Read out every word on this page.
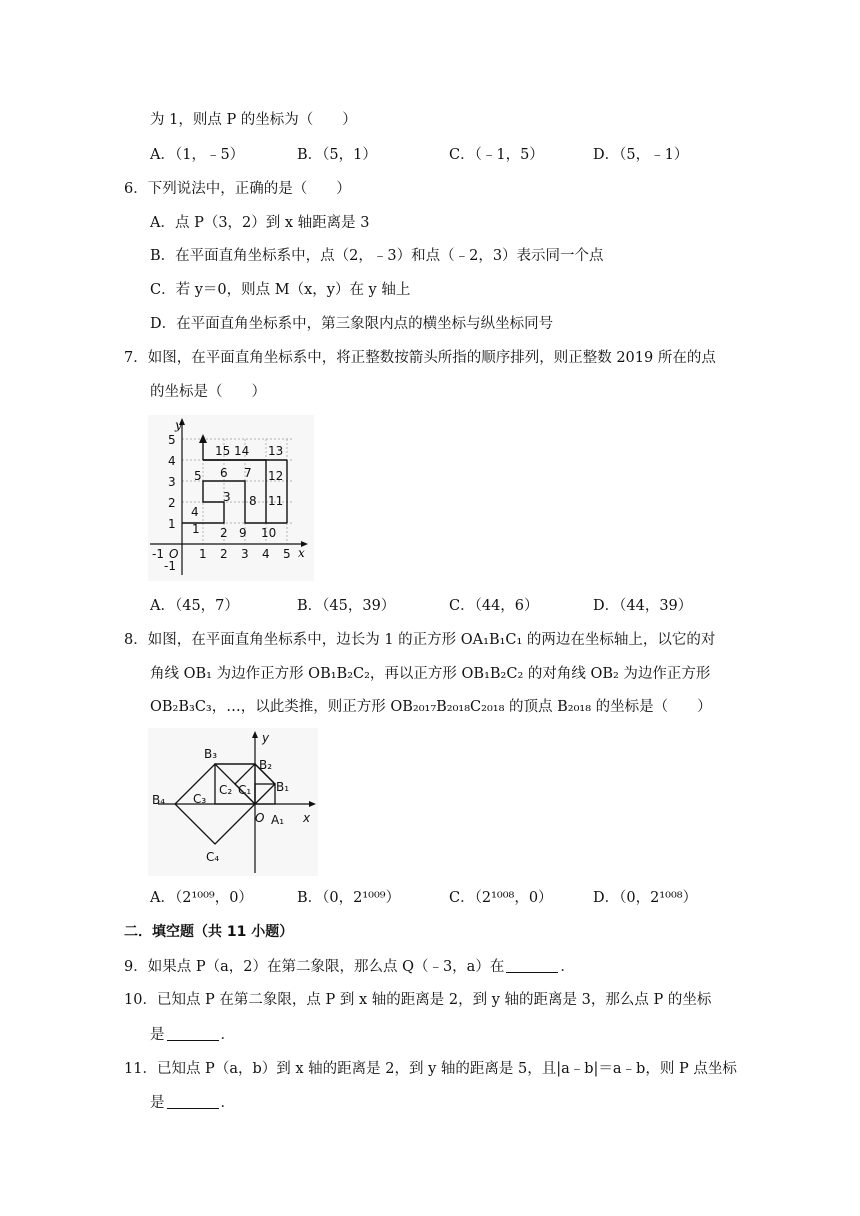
为 1，则点 P 的坐标为（　　）
A．（1，﹣5）	B．（5，1）	C．（﹣1，5）	D．（5，﹣1）
6．下列说法中，正确的是（　　）
A．点 P（3，2）到 x 轴距离是 3
B．在平面直角坐标系中，点（2，﹣3）和点（﹣2，3）表示同一个点
C．若 y＝0，则点 M（x，y）在 y 轴上
D．在平面直角坐标系中，第三象限内点的横坐标与纵坐标同号
7．如图，在平面直角坐标系中，将正整数按箭头所指的顺序排列，则正整数 2019 所在的点
的坐标是（　　）
y
x
5
4
3
2
1
-1
-1 O 1 2 3 4 5
1 2
3
4
5 6 7
8
9 10
11
12
13
14
15
A．（45，7）	B．（45，39）	C．（44，6）	D．（44，39）
8．如图，在平面直角坐标系中，边长为 1 的正方形 OA₁B₁C₁ 的两边在坐标轴上，以它的对
角线 OB₁ 为边作正方形 OB₁B₂C₂，再以正方形 OB₁B₂C₂ 的对角线 OB₂ 为边作正方形
OB₂B₃C₃，…，以此类推，则正方形 OB₂₀₁₇B₂₀₁₈C₂₀₁₈ 的顶点 B₂₀₁₈ 的坐标是（　　）
B₃
B₂
B₁
B₄ C₃
C₂ C₁
O A₁
C₄
x
y
A．（2¹⁰⁰⁹，0）	B．（0，2¹⁰⁰⁹）	C．（2¹⁰⁰⁸，0）	D．（0，2¹⁰⁰⁸）
二．填空题（共 11 小题）
9．如果点 P（a，2）在第二象限，那么点 Q（﹣3，a）在	．
10．已知点 P 在第二象限，点 P 到 x 轴的距离是 2，到 y 轴的距离是 3，那么点 P 的坐标
是	．
11．已知点 P（a，b）到 x 轴的距离是 2，到 y 轴的距离是 5，且|a﹣b|＝a﹣b，则 P 点坐标
是	．
